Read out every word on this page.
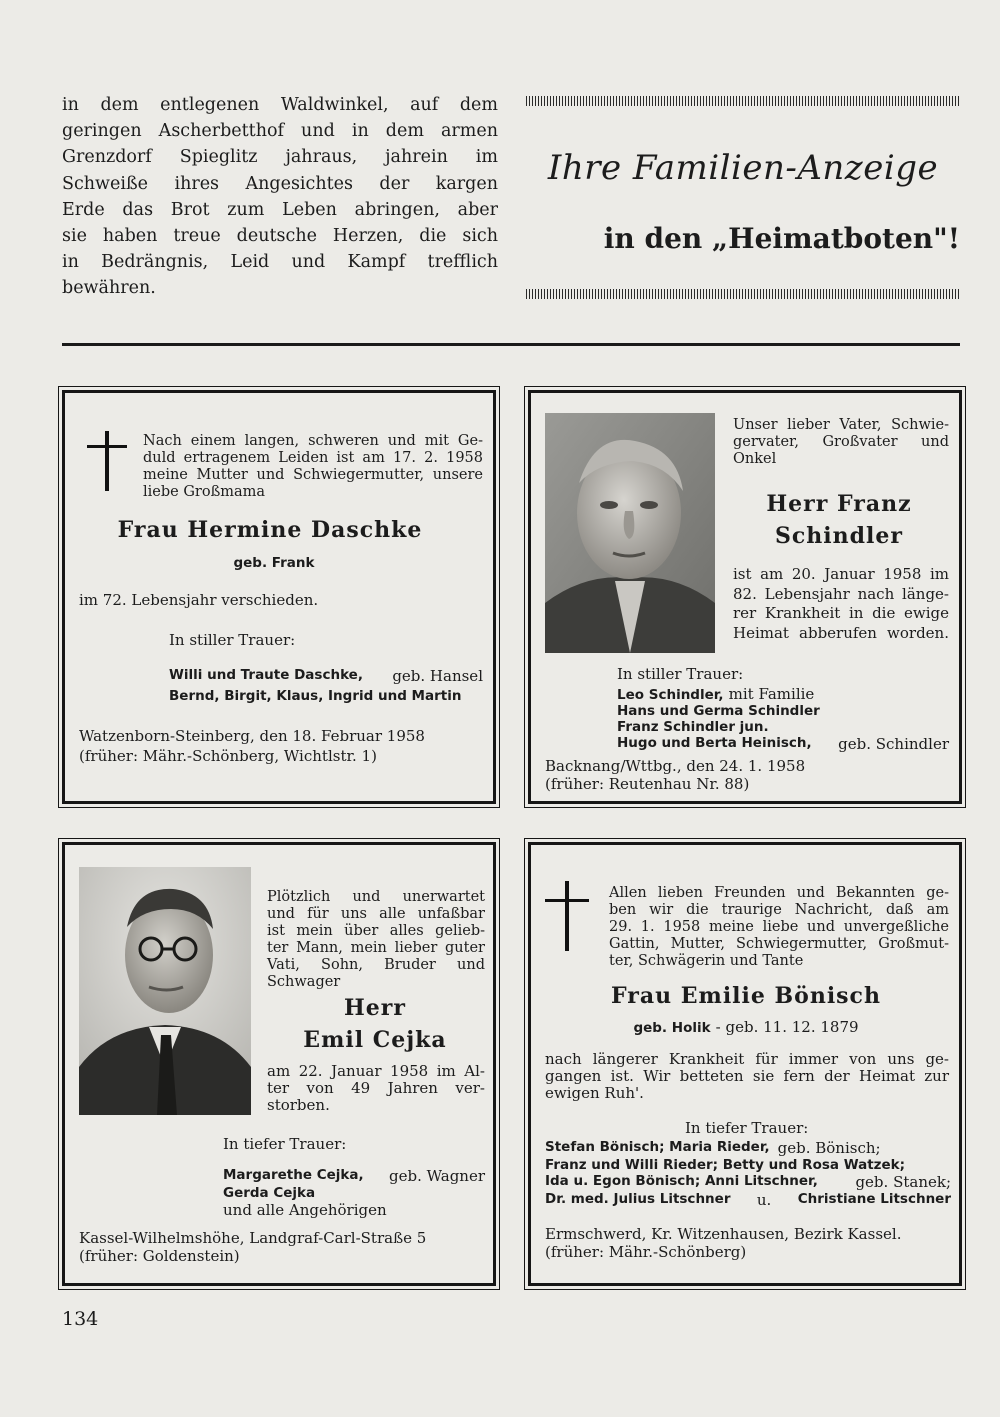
in dem entlegenen Waldwinkel, auf dem
geringen Ascherbetthof und in dem armen
Grenzdorf Spieglitz jahraus, jahrein im
Schweiße ihres Angesichtes der kargen
Erde das Brot zum Leben abringen, aber
sie haben treue deutsche Herzen, die sich
in Bedrängnis, Leid und Kampf trefflich
bewähren.
Ihre Familien-Anzeige
in den „Heimatboten"!
Nach einem langen, schweren und mit Ge-
duld ertragenem Leiden ist am 17. 2. 1958
meine Mutter und Schwiegermutter, unsere
liebe Großmama
Frau Hermine Daschke
geb. Frank
im 72. Lebensjahr verschieden.
In stiller Trauer:
Willi und Traute Daschke, geb. Hansel
Bernd, Birgit, Klaus, Ingrid und Martin
Watzenborn-Steinberg, den 18. Februar 1958
(früher: Mähr.-Schönberg, Wichtlstr. 1)
Unser lieber Vater, Schwie-
gervater, Großvater und
Onkel
Herr Franz
Schindler
ist am 20. Januar 1958 im
82. Lebensjahr nach länge-
rer Krankheit in die ewige
Heimat abberufen worden.
In stiller Trauer:
Leo Schindler, mit Familie
Hans und Germa Schindler
Franz Schindler jun.
Hugo und Berta Heinisch, geb. Schindler
Backnang/Wttbg., den 24. 1. 1958
(früher: Reutenhau Nr. 88)
Plötzlich und unerwartet
und für uns alle unfaßbar
ist mein über alles gelieb-
ter Mann, mein lieber guter
Vati, Sohn, Bruder und
Schwager
Herr
Emil Cejka
am 22. Januar 1958 im Al-
ter von 49 Jahren ver-
storben.
In tiefer Trauer:
Margarethe Cejka, geb. Wagner
Gerda Cejka
und alle Angehörigen
Kassel-Wilhelmshöhe, Landgraf-Carl-Straße 5
(früher: Goldenstein)
Allen lieben Freunden und Bekannten ge-
ben wir die traurige Nachricht, daß am
29. 1. 1958 meine liebe und unvergeßliche
Gattin, Mutter, Schwiegermutter, Großmut-
ter, Schwägerin und Tante
Frau Emilie Bönisch
geb. Holik - geb. 11. 12. 1879
nach längerer Krankheit für immer von uns ge-
gangen ist. Wir betteten sie fern der Heimat zur
ewigen Ruh'.
In tiefer Trauer:
Stefan Bönisch; Maria Rieder, geb. Bönisch;
Franz und Willi Rieder; Betty und Rosa Watzek;
Ida u. Egon Bönisch; Anni Litschner,	geb. Stanek;
Dr. med. Julius Litschner u. Christiane Litschner
Ermschwerd, Kr. Witzenhausen, Bezirk Kassel.
(früher: Mähr.-Schönberg)
134
